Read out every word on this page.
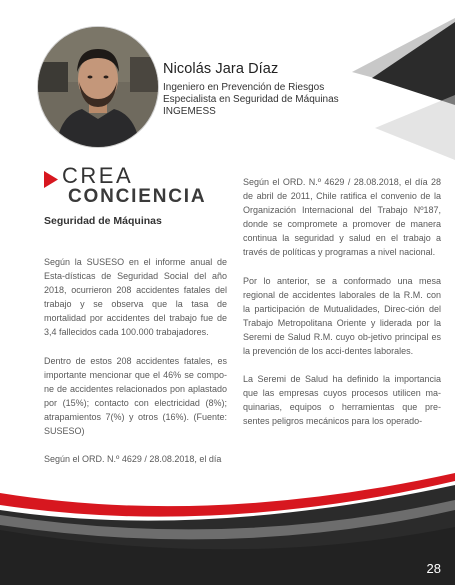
Nicolás Jara Díaz
Ingeniero en Prevención de Riesgos
Especialista en Seguridad de Máquinas
INGEMESS
CREA
CONCIENCIA
Seguridad de Máquinas

Según la SUSESO en el informe anual de Esta-dísticas de Seguridad Social del año 2018, ocurrieron 208 accidentes fatales del trabajo y se observa que la tasa de mortalidad por accidentes del trabajo fue de 3,4 fallecidos cada 100.000 trabajadores.

Dentro de estos 208 accidentes fatales, es importante mencionar que el 46% se compo-ne de accidentes relacionados pon aplastado por (15%); contacto con electricidad (8%); atrapamientos 7(%) y otros (16%). (Fuente: SUSESO)

Según el ORD. N.º 4629 / 28.08.2018, el día

Según el ORD. N.º 4629 / 28.08.2018, el día 28 de abril de 2011, Chile ratifica el convenio de la Organización Internacional del Trabajo Nº187, donde se compromete a promover de manera continua la seguridad y salud en el trabajo a través de políticas y programas a nivel nacional.

Por lo anterior, se a conformado una mesa regional de accidentes laborales de la R.M. con la participación de Mutualidades, Direc-ción del Trabajo Metropolitana Oriente y liderada por la Seremi de Salud R.M. cuyo ob-jetivo principal es la prevención de los acci-dentes laborales.

La Seremi de Salud ha definido la importancia que las empresas cuyos procesos utilicen ma-quinarias, equipos o herramientas que pre-sentes peligros mecánicos para los operado-

28
